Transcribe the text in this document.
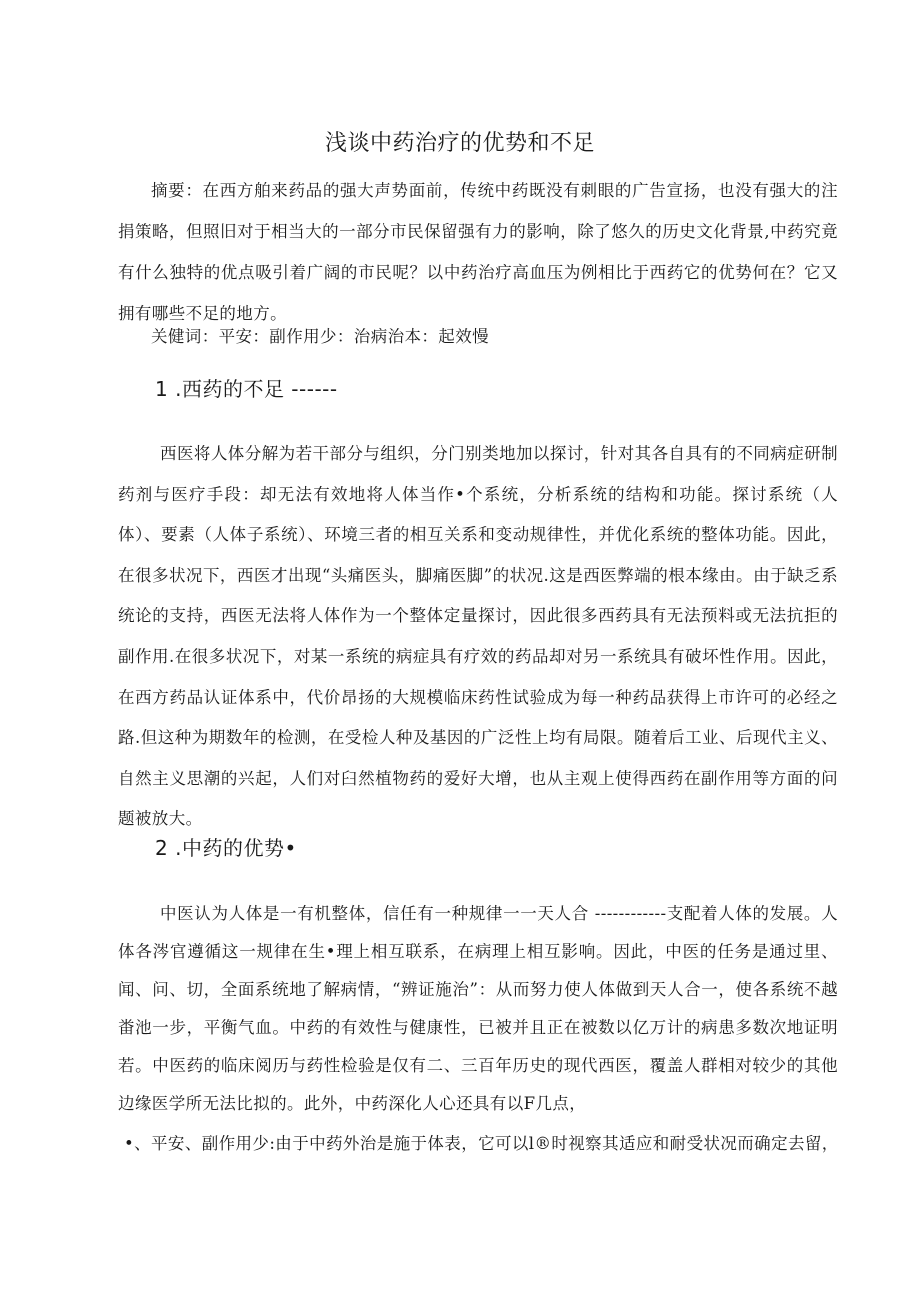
浅谈中药治疗的优势和不足
摘要：在西方舶来药品的强大声势面前，传统中药既没有刺眼的广告宣扬，也没有强大的注捐策略，但照旧对于相当大的一部分市民保留强有力的影响，除了悠久的历史文化背景,中药究竟有什么独特的优点吸引着广阔的市民呢？以中药治疗高血压为例相比于西药它的优势何在？它又拥有哪些不足的地方。
关健词：平安：副作用少：治病治本：起效慢
1 .西药的不足 ------
西医将人体分解为若干部分与组织，分门别类地加以探讨，针对其各自具有的不同病症研制药剂与医疗手段：却无法有效地将人体当作•个系统，分析系统的结构和功能。探讨系统（人体）、要素（人体子系统）、环境三者的相互关系和变动规律性，并优化系统的整体功能。因此，在很多状况下，西医才出现“头痛医头，脚痛医脚”的状况.这是西医弊端的根本缘由。由于缺乏系统论的支持，西医无法将人体作为一个整体定量探讨，因此很多西药具有无法预料或无法抗拒的副作用.在很多状况下，对某一系统的病症具有疗效的药品却对另一系统具有破坏性作用。因此，在西方药品认证体系中，代价昂扬的大规模临床药性试验成为每一种药品获得上市许可的必经之路.但这种为期数年的检测，在受检人种及基因的广泛性上均有局限。随着后工业、后现代主义、自然主义思潮的兴起，人们对臼然植物药的爱好大增，也从主观上使得西药在副作用等方面的问题被放大。
2 .中药的优势•
中医认为人体是一有机整体，信任有一种规律一一天人合 ------------支配着人体的发展。人体各涔官遵循这一规律在生•理上相互联系，在病理上相互影响。因此，中医的任务是通过里、闻、问、切，全面系统地了解病情，“辨证施治”：从而努力使人体做到天人合一，使各系统不越畨池一步，平衡气血。中药的有效性与健康性，已被并且正在被数以亿万计的病患多数次地证明若。中医药的临床阅历与药性检验是仅有二、三百年历史的现代西医，覆盖人群相对较少的其他边缘医学所无法比拟的。此外，中药深化人心还具有以F几点，
•、平安、副作用少:由于中药外治是施于体表，它可以l®时视察其适应和耐受状况而确定去留，
